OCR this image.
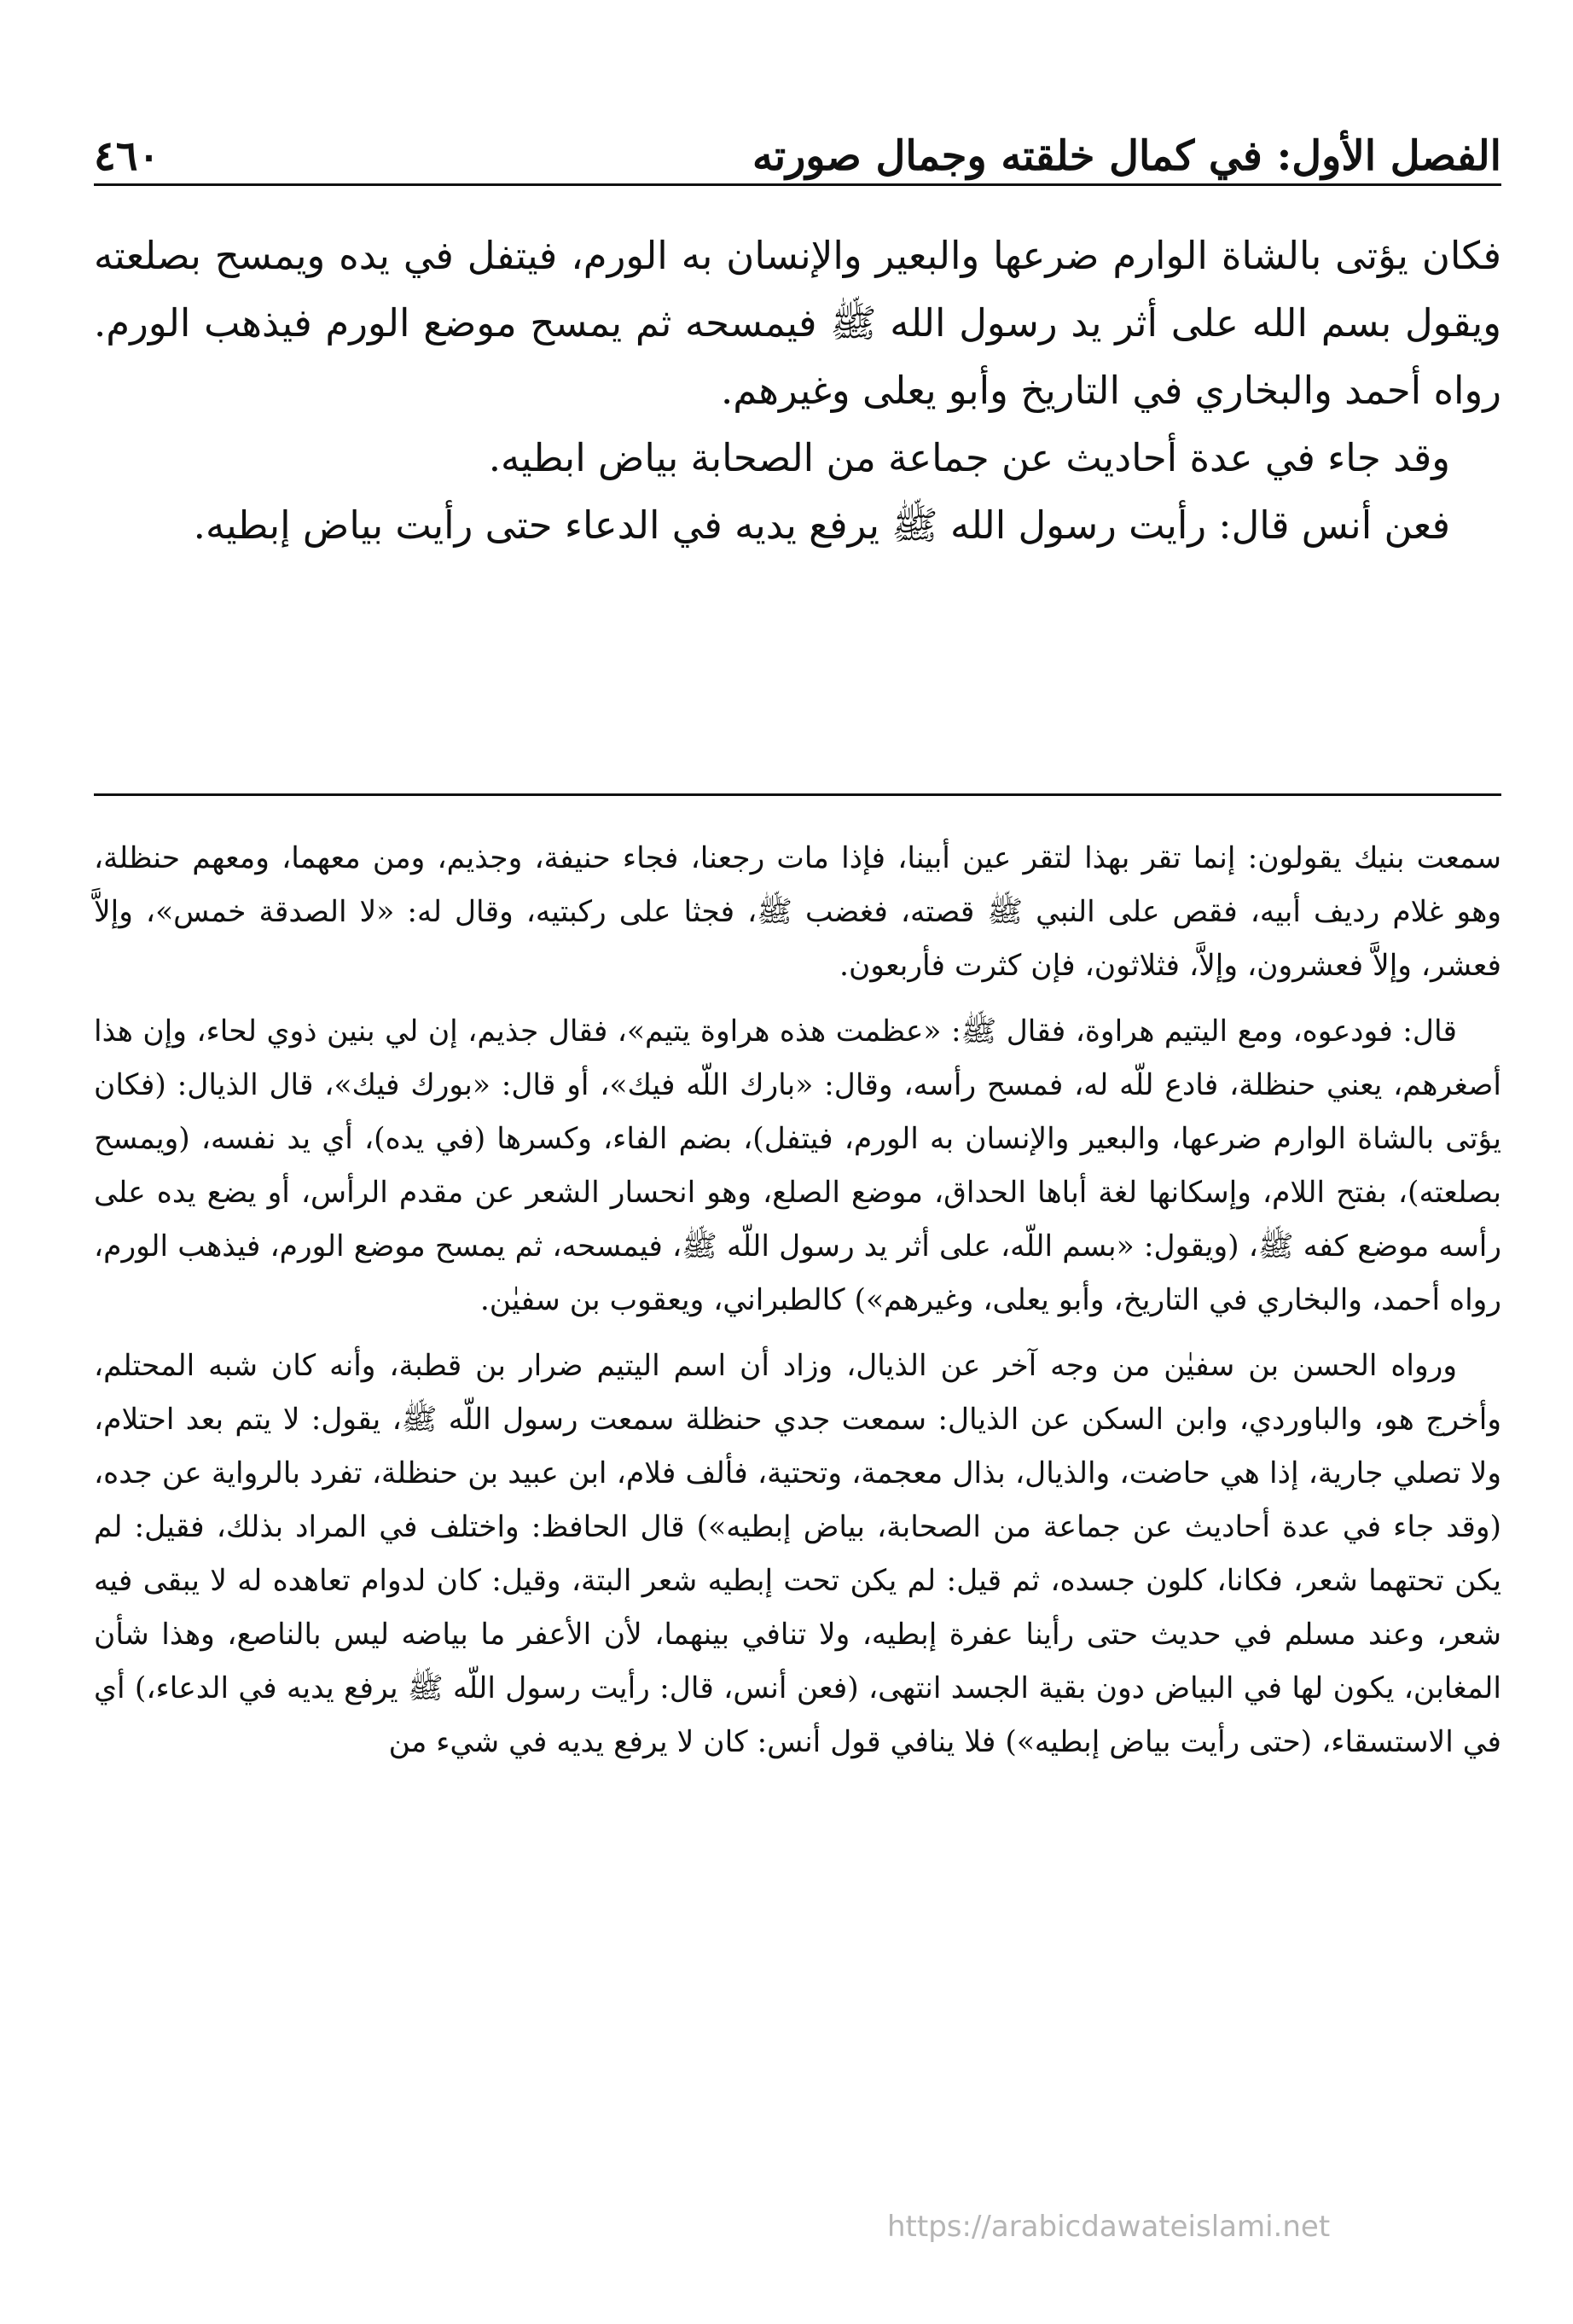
الفصل الأول: في كمال خلقته وجمال صورته
٤٦٠

فكان يؤتى بالشاة الوارم ضرعها والبعير والإنسان به الورم، فيتفل في يده ويمسح بصلعته ويقول بسم الله على أثر يد رسول الله ﷺ فيمسحه ثم يمسح موضع الورم فيذهب الورم. رواه أحمد والبخاري في التاريخ وأبو يعلى وغيرهم.

وقد جاء في عدة أحاديث عن جماعة من الصحابة بياض ابطيه.

فعن أنس قال: رأيت رسول الله ﷺ يرفع يديه في الدعاء حتى رأيت بياض إبطيه.

سمعت بنيك يقولون: إنما تقر بهذا لتقر عين أبينا، فإذا مات رجعنا، فجاء حنيفة، وجذيم، ومن معهما، ومعهم حنظلة، وهو غلام رديف أبيه، فقص على النبي ﷺ قصته، فغضب ﷺ، فجثا على ركبتيه، وقال له: «لا الصدقة خمس»، وإلاَّ فعشر، وإلاَّ فعشرون، وإلاَّ، فثلاثون، فإن كثرت فأربعون.

قال: فودعوه، ومع اليتيم هراوة، فقال ﷺ: «عظمت هذه هراوة يتيم»، فقال جذيم، إن لي بنين ذوي لحاء، وإن هذا أصغرهم، يعني حنظلة، فادع للّه له، فمسح رأسه، وقال: «بارك اللّه فيك»، أو قال: «بورك فيك»، قال الذيال: (فكان يؤتى بالشاة الوارم ضرعها، والبعير والإنسان به الورم، فيتفل)، بضم الفاء، وكسرها (في يده)، أي يد نفسه، (ويمسح بصلعته)، بفتح اللام، وإسكانها لغة أباها الحداق، موضع الصلع، وهو انحسار الشعر عن مقدم الرأس، أو يضع يده على رأسه موضع كفه ﷺ، (ويقول: «بسم اللّه، على أثر يد رسول اللّه ﷺ، فيمسحه، ثم يمسح موضع الورم، فيذهب الورم، رواه أحمد، والبخاري في التاريخ، وأبو يعلى، وغيرهم») كالطبراني، ويعقوب بن سفيٰن.

ورواه الحسن بن سفيٰن من وجه آخر عن الذيال، وزاد أن اسم اليتيم ضرار بن قطبة، وأنه كان شبه المحتلم، وأخرج هو، والباوردي، وابن السكن عن الذيال: سمعت جدي حنظلة سمعت رسول اللّه ﷺ، يقول: لا يتم بعد احتلام، ولا تصلي جارية، إذا هي حاضت، والذيال، بذال معجمة، وتحتية، فألف فلام، ابن عبيد بن حنظلة، تفرد بالرواية عن جده، (وقد جاء في عدة أحاديث عن جماعة من الصحابة، بياض إبطيه») قال الحافظ: واختلف في المراد بذلك، فقيل: لم يكن تحتهما شعر، فكانا، كلون جسده، ثم قيل: لم يكن تحت إبطيه شعر البتة، وقيل: كان لدوام تعاهده له لا يبقى فيه شعر، وعند مسلم في حديث حتى رأينا عفرة إبطيه، ولا تنافي بينهما، لأن الأعفر ما بياضه ليس بالناصع، وهذا شأن المغابن، يكون لها في البياض دون بقية الجسد انتهى، (فعن أنس، قال: رأيت رسول اللّه ﷺ يرفع يديه في الدعاء،) أي في الاستسقاء، (حتى رأيت بياض إبطيه») فلا ينافي قول أنس: كان لا يرفع يديه في شيء من

https://arabicdawateislami.net
